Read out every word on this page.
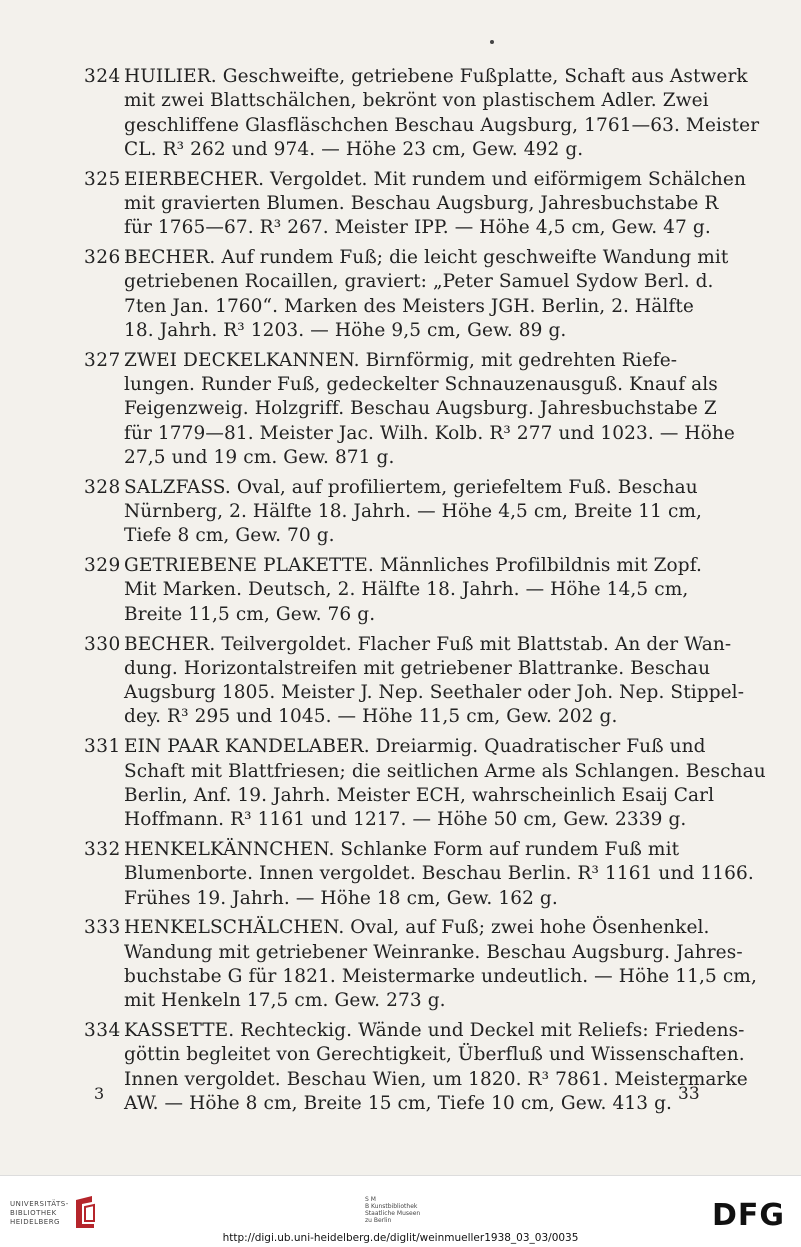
324 HUILIER. Geschweifte, getriebene Fußplatte, Schaft aus Astwerk
mit zwei Blattschälchen, bekrönt von plastischem Adler. Zwei
geschliffene Glasfläschchen Beschau Augsburg, 1761—63. Meister
CL. R³ 262 und 974. — Höhe 23 cm, Gew. 492 g.
325 EIERBECHER. Vergoldet. Mit rundem und eiförmigem Schälchen
mit gravierten Blumen. Beschau Augsburg, Jahresbuchstabe R
für 1765—67. R³ 267. Meister IPP. — Höhe 4,5 cm, Gew. 47 g.
326 BECHER. Auf rundem Fuß; die leicht geschweifte Wandung mit
getriebenen Rocaillen, graviert: „Peter Samuel Sydow Berl. d.
7ten Jan. 1760“. Marken des Meisters JGH. Berlin, 2. Hälfte
18. Jahrh. R³ 1203. — Höhe 9,5 cm, Gew. 89 g.
327 ZWEI DECKELKANNEN. Birnförmig, mit gedrehten Riefe-
lungen. Runder Fuß, gedeckelter Schnauzenausguß. Knauf als
Feigenzweig. Holzgriff. Beschau Augsburg. Jahresbuchstabe Z
für 1779—81. Meister Jac. Wilh. Kolb. R³ 277 und 1023. — Höhe
27,5 und 19 cm. Gew. 871 g.
328 SALZFASS. Oval, auf profiliertem, geriefeltem Fuß. Beschau
Nürnberg, 2. Hälfte 18. Jahrh. — Höhe 4,5 cm, Breite 11 cm,
Tiefe 8 cm, Gew. 70 g.
329 GETRIEBENE PLAKETTE. Männliches Profilbildnis mit Zopf.
Mit Marken. Deutsch, 2. Hälfte 18. Jahrh. — Höhe 14,5 cm,
Breite 11,5 cm, Gew. 76 g.
330 BECHER. Teilvergoldet. Flacher Fuß mit Blattstab. An der Wan-
dung. Horizontalstreifen mit getriebener Blattranke. Beschau
Augsburg 1805. Meister J. Nep. Seethaler oder Joh. Nep. Stippel-
dey. R³ 295 und 1045. — Höhe 11,5 cm, Gew. 202 g.
331 EIN PAAR KANDELABER. Dreiarmig. Quadratischer Fuß und
Schaft mit Blattfriesen; die seitlichen Arme als Schlangen. Beschau
Berlin, Anf. 19. Jahrh. Meister ECH, wahrscheinlich Esaij Carl
Hoffmann. R³ 1161 und 1217. — Höhe 50 cm, Gew. 2339 g.
332 HENKELKÄNNCHEN. Schlanke Form auf rundem Fuß mit
Blumenborte. Innen vergoldet. Beschau Berlin. R³ 1161 und 1166.
Frühes 19. Jahrh. — Höhe 18 cm, Gew. 162 g.
333 HENKELSCHÄLCHEN. Oval, auf Fuß; zwei hohe Ösenhenkel.
Wandung mit getriebener Weinranke. Beschau Augsburg. Jahres-
buchstabe G für 1821. Meistermarke undeutlich. — Höhe 11,5 cm,
mit Henkeln 17,5 cm. Gew. 273 g.
334 KASSETTE. Rechteckig. Wände und Deckel mit Reliefs: Friedens-
göttin begleitet von Gerechtigkeit, Überfluß und Wissenschaften.
Innen vergoldet. Beschau Wien, um 1820. R³ 7861. Meistermarke
AW. — Höhe 8 cm, Breite 15 cm, Tiefe 10 cm, Gew. 413 g.
3	33
UNIVERSITÄTS-
BIBLIOTHEK
HEIDELBERG
S M
B Kunstbibliothek
Staatliche Museen
zu Berlin	DFG
http://digi.ub.uni-heidelberg.de/diglit/weinmueller1938_03_03/0035
